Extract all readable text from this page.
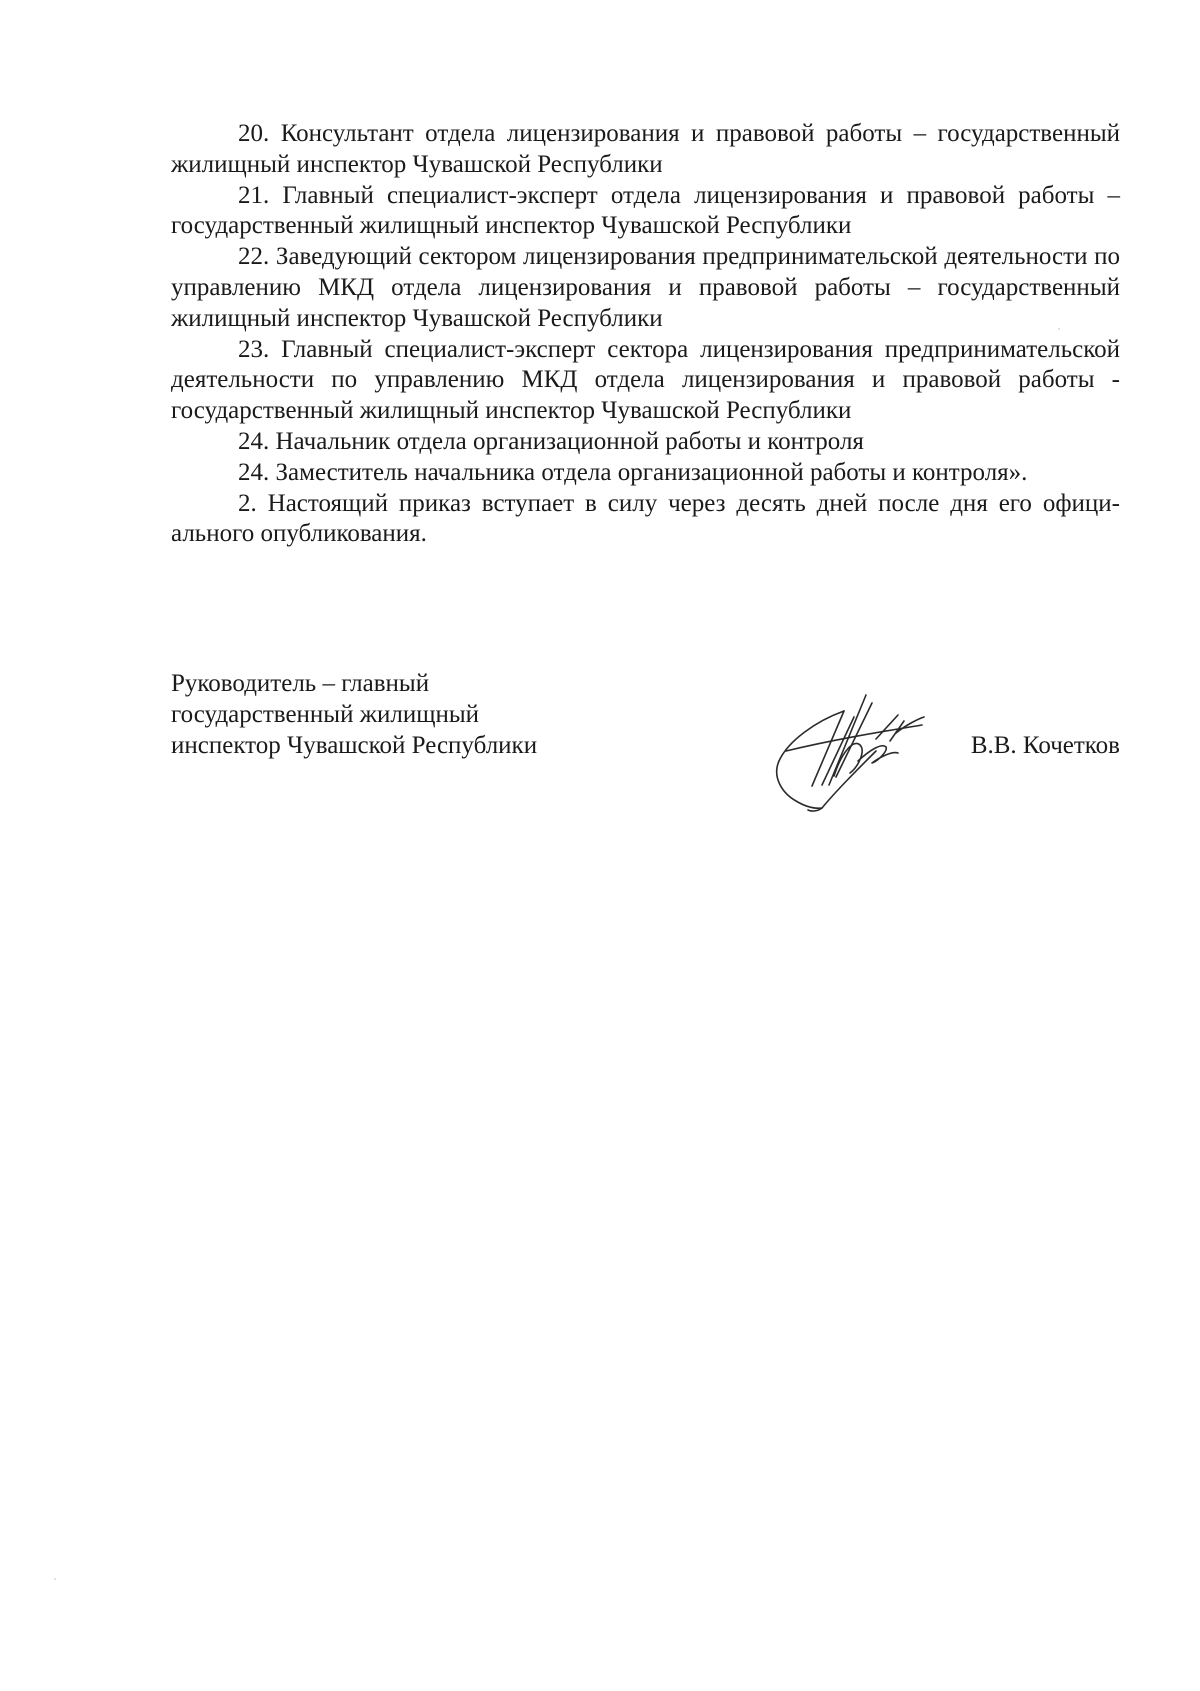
20. Консультант отдела лицензирования и правовой работы – государственный жилищный инспектор Чувашской Республики

21. Главный специалист-эксперт отдела лицензирования и правовой работы – государственный жилищный инспектор Чувашской Республики

22. Заведующий сектором лицензирования предпринимательской деятельности по управлению МКД отдела лицензирования и правовой работы – государственный жилищный инспектор Чувашской Республики

23. Главный специалист-эксперт сектора лицензирования предпринимательской деятельности по управлению МКД отдела лицензирования и правовой работы - государственный жилищный инспектор Чувашской Республики

24. Начальник отдела организационной работы и контроля

24. Заместитель начальника отдела организационной работы и контроля».

2. Настоящий приказ вступает в силу через десять дней после дня его официального опубликования.

Руководитель – главный
государственный жилищный
инспектор Чувашской Республики	В.В. Кочетков
